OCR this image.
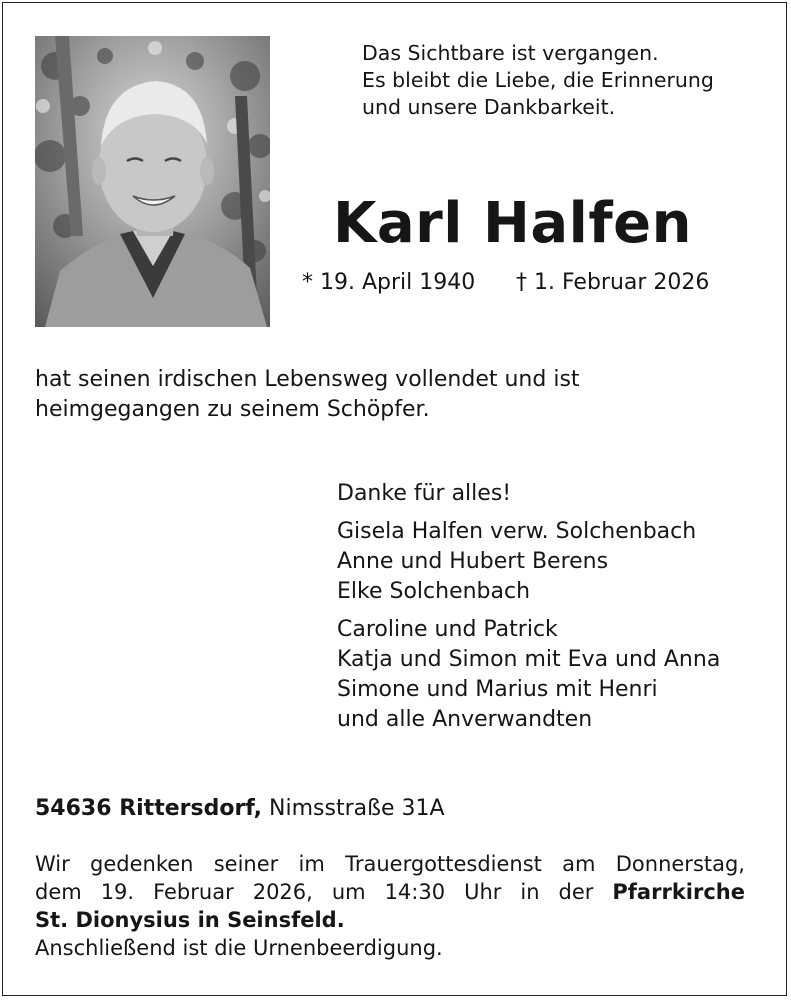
Das Sichtbare ist vergangen.
Es bleibt die Liebe, die Erinnerung
und unsere Dankbarkeit.
Karl Halfen
* 19. April 1940 † 1. Februar 2026
hat seinen irdischen Lebensweg vollendet und ist
heimgegangen zu seinem Schöpfer.
Danke für alles!
Gisela Halfen verw. Solchenbach
Anne und Hubert Berens
Elke Solchenbach
Caroline und Patrick
Katja und Simon mit Eva und Anna
Simone und Marius mit Henri
und alle Anverwandten
54636 Rittersdorf, Nimsstraße 31A
Wir gedenken seiner im Trauergottesdienst am Donnerstag,
dem 19. Februar 2026, um 14:30 Uhr in der Pfarrkirche
St. Dionysius in Seinsfeld.
Anschließend ist die Urnenbeerdigung.
